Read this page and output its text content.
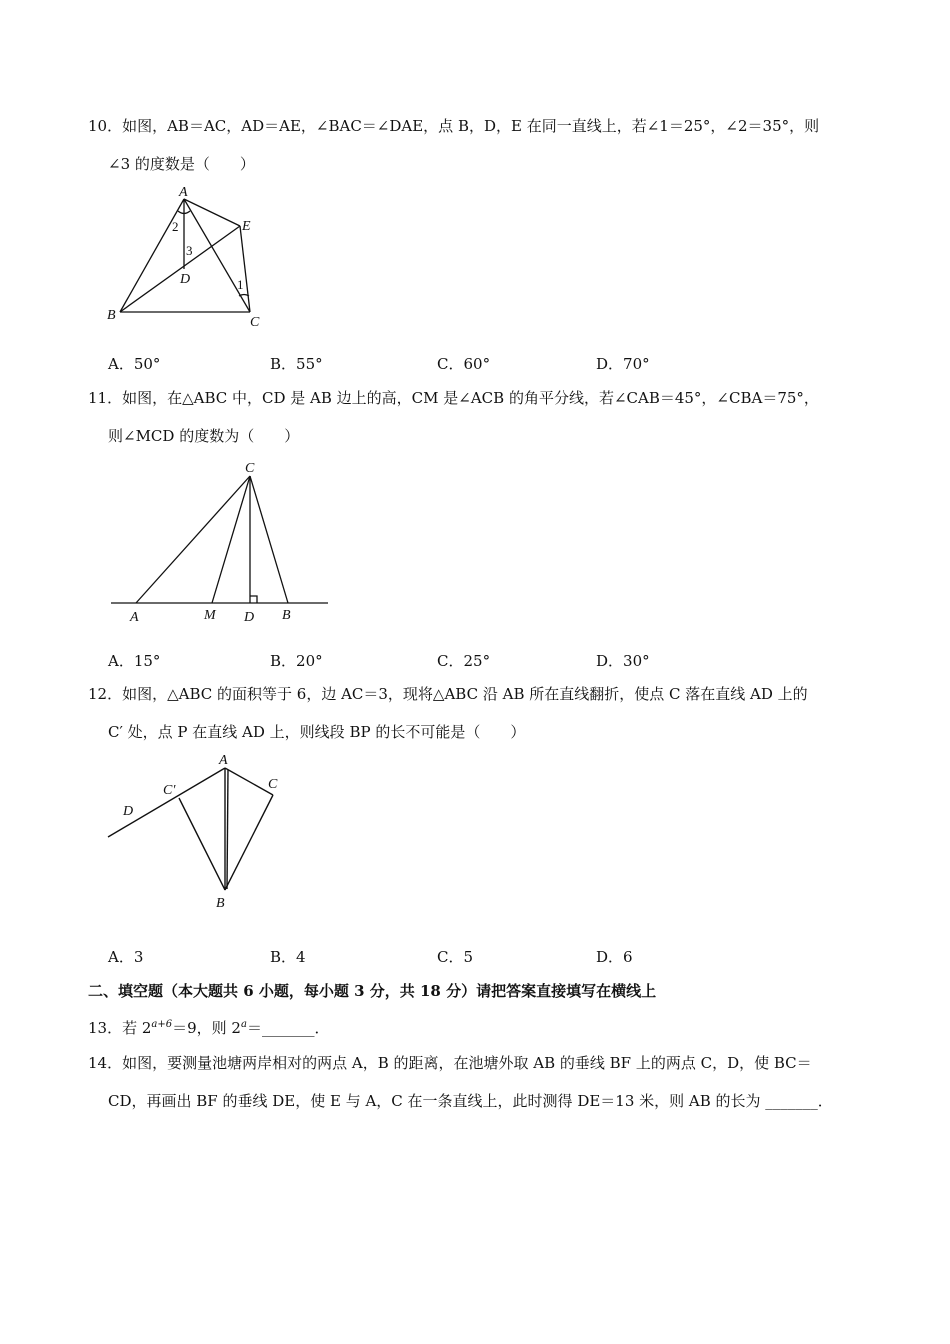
10．如图，AB＝AC，AD＝AE，∠BAC＝∠DAE，点 B，D，E 在同一直线上，若∠1＝25°，∠2＝35°，则
∠3 的度数是（　　）
A
E
2
3
D	1
B	C
A．50°	B．55°	C．60°	D．70°
11．如图，在△ABC 中，CD 是 AB 边上的高，CM 是∠ACB 的角平分线，若∠CAB＝45°，∠CBA＝75°，
则∠MCD 的度数为（　　）
C
A	M D B
A．15°	B．20°	C．25°	D．30°
12．如图，△ABC 的面积等于 6，边 AC＝3，现将△ABC 沿 AB 所在直线翻折，使点 C 落在直线 AD 上的
C′ 处，点 P 在直线 AD 上，则线段 BP 的长不可能是（　　）
A
C′	C
D
B
A．3	B．4	C．5	D．6
二、填空题（本大题共 6 小题，每小题 3 分，共 18 分）请把答案直接填写在横线上
13．若 $2^{a+6}=9$，则 $2^a=\_\_\_\_\_\_\_$．
14．如图，要测量池塘两岸相对的两点 A，B 的距离，在池塘外取 AB 的垂线 BF 上的两点 C，D，使 BC＝
CD，再画出 BF 的垂线 DE，使 E 与 A，C 在一条直线上，此时测得 DE＝13 米，则 AB 的长为 _______．
